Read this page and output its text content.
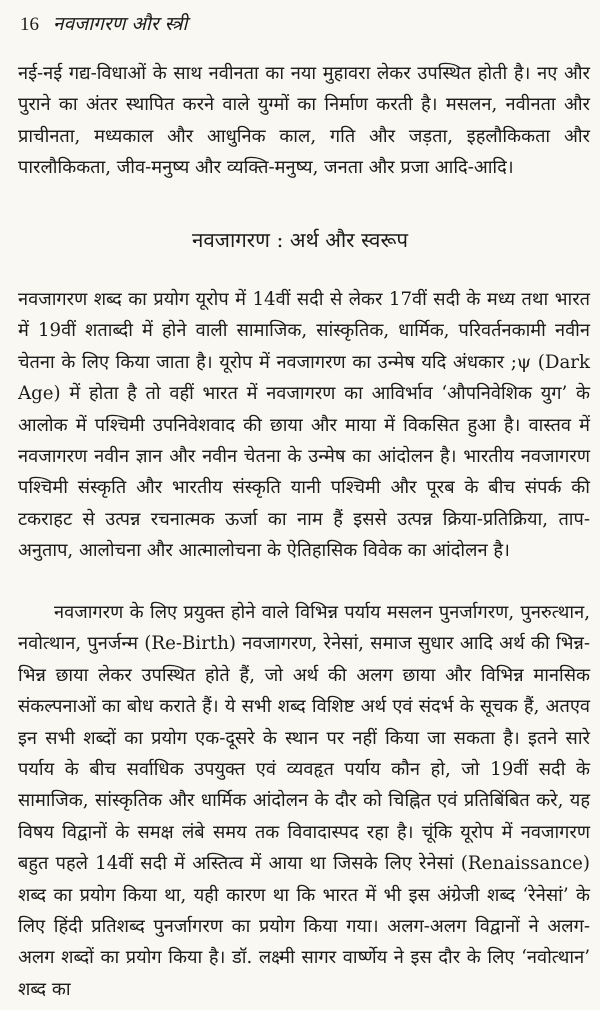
16 नवजागरण और स्त्री

नई-नई गद्य-विधाओं के साथ नवीनता का नया मुहावरा लेकर उपस्थित होती है। नए और पुराने का अंतर स्थापित करने वाले युग्मों का निर्माण करती है। मसलन, नवीनता और प्राचीनता, मध्यकाल और आधुनिक काल, गति और जड़ता, इहलौकिकता और पारलौकिकता, जीव-मनुष्य और व्यक्ति-मनुष्य, जनता और प्रजा आदि-आदि।

नवजागरण : अर्थ और स्वरूप

नवजागरण शब्द का प्रयोग यूरोप में 14वीं सदी से लेकर 17वीं सदी के मध्य तथा भारत में 19वीं शताब्दी में होने वाली सामाजिक, सांस्कृतिक, धार्मिक, परिवर्तनकामी नवीन चेतना के लिए किया जाता है। यूरोप में नवजागरण का उन्मेष यदि अंधकार ;ψ (Dark Age) में होता है तो वहीं भारत में नवजागरण का आविर्भाव ‘औपनिवेशिक युग’ के आलोक में पश्चिमी उपनिवेशवाद की छाया और माया में विकसित हुआ है। वास्तव में नवजागरण नवीन ज्ञान और नवीन चेतना के उन्मेष का आंदोलन है। भारतीय नवजागरण पश्चिमी संस्कृति और भारतीय संस्कृति यानी पश्चिमी और पूरब के बीच संपर्क की टकराहट से उत्पन्न रचनात्मक ऊर्जा का नाम हैं इससे उत्पन्न क्रिया-प्रतिक्रिया, ताप-अनुताप, आलोचना और आत्मालोचना के ऐतिहासिक विवेक का आंदोलन है।

नवजागरण के लिए प्रयुक्त होने वाले विभिन्न पर्याय मसलन पुनर्जागरण, पुनरुत्थान, नवोत्थान, पुनर्जन्म (Re-Birth) नवजागरण, रेनेसां, समाज सुधार आदि अर्थ की भिन्न-भिन्न छाया लेकर उपस्थित होते हैं, जो अर्थ की अलग छाया और विभिन्न मानसिक संकल्पनाओं का बोध कराते हैं। ये सभी शब्द विशिष्ट अर्थ एवं संदर्भ के सूचक हैं, अतएव इन सभी शब्दों का प्रयोग एक-दूसरे के स्थान पर नहीं किया जा सकता है। इतने सारे पर्याय के बीच सर्वाधिक उपयुक्त एवं व्यवहृत पर्याय कौन हो, जो 19वीं सदी के सामाजिक, सांस्कृतिक और धार्मिक आंदोलन के दौर को चिह्नित एवं प्रतिबिंबित करे, यह विषय विद्वानों के समक्ष लंबे समय तक विवादास्पद रहा है। चूंकि यूरोप में नवजागरण बहुत पहले 14वीं सदी में अस्तित्व में आया था जिसके लिए रेनेसां (Renaissance) शब्द का प्रयोग किया था, यही कारण था कि भारत में भी इस अंग्रेजी शब्द ‘रेनेसां’ के लिए हिंदी प्रतिशब्द पुनर्जागरण का प्रयोग किया गया। अलग-अलग विद्वानों ने अलग-अलग शब्दों का प्रयोग किया है। डॉ. लक्ष्मी सागर वार्ष्णेय ने इस दौर के लिए ‘नवोत्थान’ शब्द का
